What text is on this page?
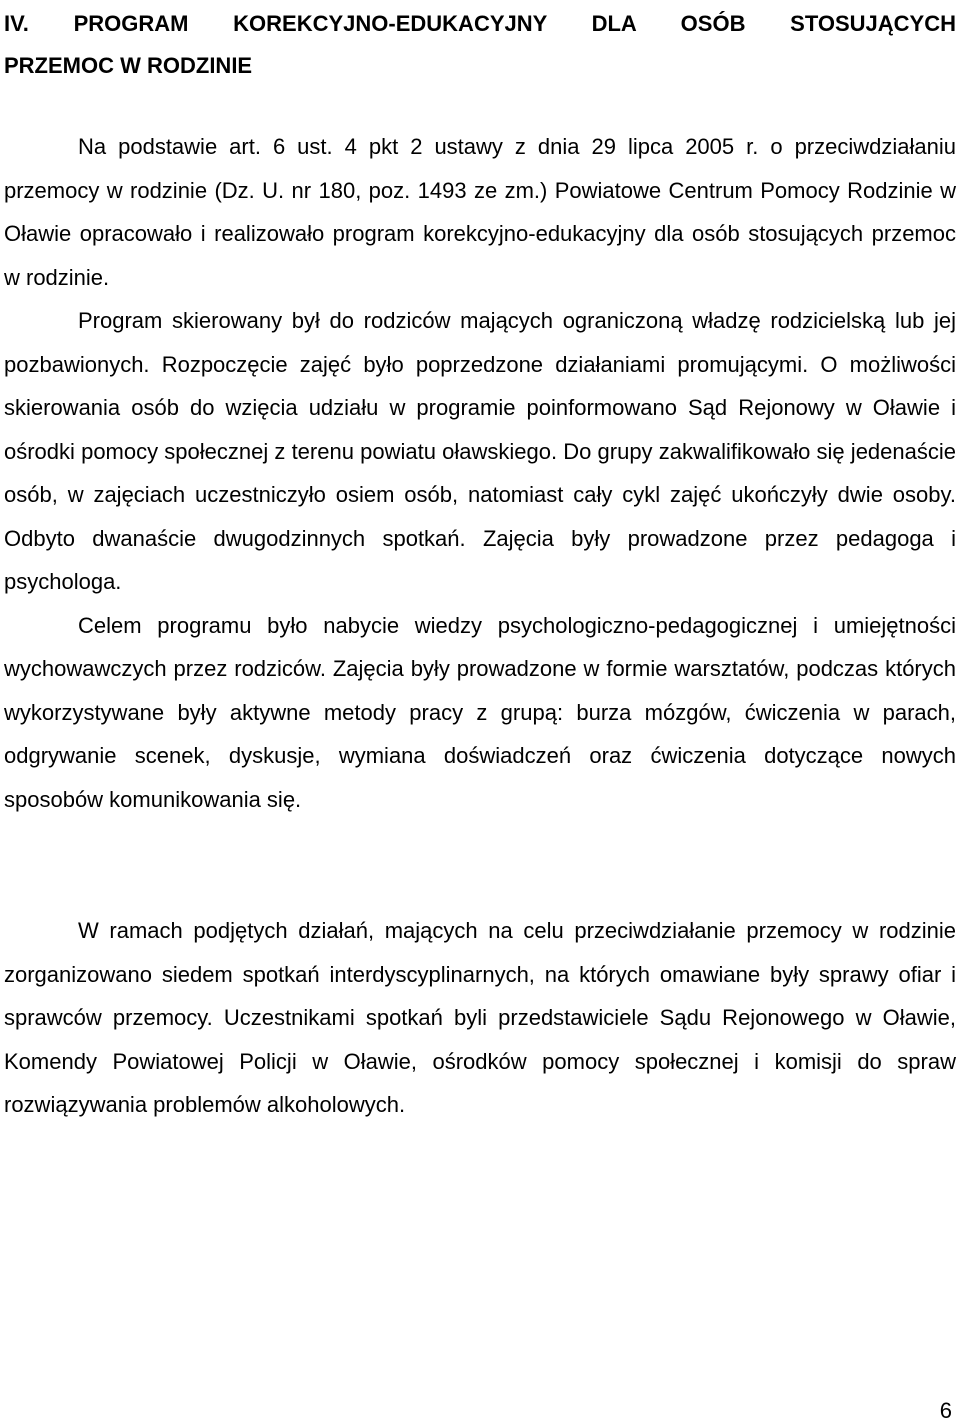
IV. PROGRAM KOREKCYJNO-EDUKACYJNY DLA OSÓB STOSUJĄCYCH
PRZEMOC W RODZINIE

Na podstawie art. 6 ust. 4 pkt 2 ustawy z dnia 29 lipca 2005 r. o przeciwdziałaniu przemocy w rodzinie (Dz. U. nr 180, poz. 1493 ze zm.) Powiatowe Centrum Pomocy Rodzinie w Oławie opracowało i realizowało program korekcyjno-edukacyjny dla osób stosujących przemoc w rodzinie.

Program skierowany był do rodziców mających ograniczoną władzę rodzicielską lub jej pozbawionych. Rozpoczęcie zajęć było poprzedzone działaniami promującymi. O możliwości skierowania osób do wzięcia udziału w programie poinformowano Sąd Rejonowy w Oławie i ośrodki pomocy społecznej z terenu powiatu oławskiego. Do grupy zakwalifikowało się jedenaście osób, w zajęciach uczestniczyło osiem osób, natomiast cały cykl zajęć ukończyły dwie osoby. Odbyto dwanaście dwugodzinnych spotkań. Zajęcia były prowadzone przez pedagoga i psychologa.

Celem programu było nabycie wiedzy psychologiczno-pedagogicznej i umiejętności wychowawczych przez rodziców. Zajęcia były prowadzone w formie warsztatów, podczas których wykorzystywane były aktywne metody pracy z grupą: burza mózgów, ćwiczenia w parach, odgrywanie scenek, dyskusje, wymiana doświadczeń oraz ćwiczenia dotyczące nowych sposobów komunikowania się.

W ramach podjętych działań, mających na celu przeciwdziałanie przemocy w rodzinie zorganizowano siedem spotkań interdyscyplinarnych, na których omawiane były sprawy ofiar i sprawców przemocy. Uczestnikami spotkań byli przedstawiciele Sądu Rejonowego w Oławie, Komendy Powiatowej Policji w Oławie, ośrodków pomocy społecznej i komisji do spraw rozwiązywania problemów alkoholowych.

6
